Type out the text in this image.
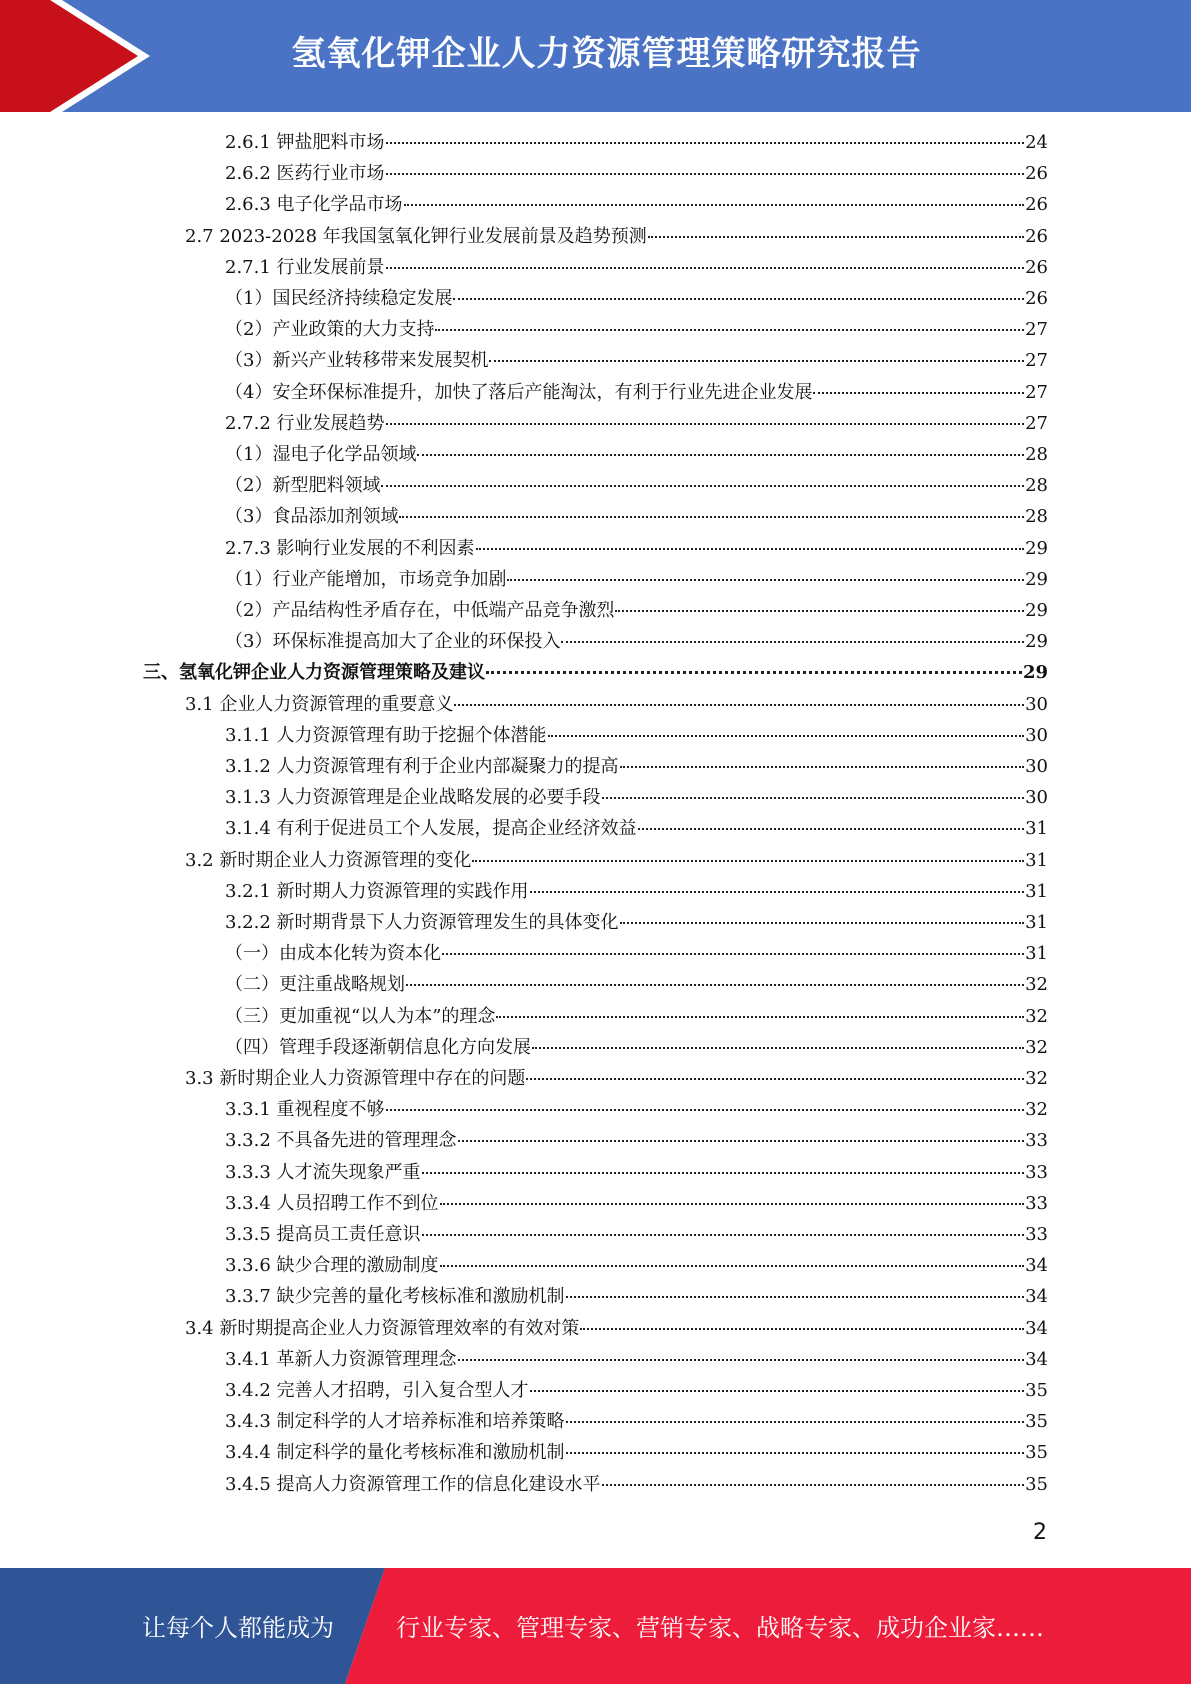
氢氧化钾企业人力资源管理策略研究报告
2.6.1 钾盐肥料市场	24
2.6.2 医药行业市场	26
2.6.3 电子化学品市场	26
2.7 2023-2028 年我国氢氧化钾行业发展前景及趋势预测	26
2.7.1 行业发展前景	26
（1）国民经济持续稳定发展	26
（2）产业政策的大力支持	27
（3）新兴产业转移带来发展契机	27
（4）安全环保标准提升，加快了落后产能淘汰，有利于行业先进企业发展	27
2.7.2 行业发展趋势	27
（1）湿电子化学品领域	28
（2）新型肥料领域	28
（3）食品添加剂领域	28
2.7.3 影响行业发展的不利因素	29
（1）行业产能增加，市场竞争加剧	29
（2）产品结构性矛盾存在，中低端产品竞争激烈	29
（3）环保标准提高加大了企业的环保投入	29
三、氢氧化钾企业人力资源管理策略及建议	29
3.1 企业人力资源管理的重要意义	30
3.1.1 人力资源管理有助于挖掘个体潜能	30
3.1.2 人力资源管理有利于企业内部凝聚力的提高	30
3.1.3 人力资源管理是企业战略发展的必要手段	30
3.1.4 有利于促进员工个人发展，提高企业经济效益	31
3.2 新时期企业人力资源管理的变化	31
3.2.1 新时期人力资源管理的实践作用	31
3.2.2 新时期背景下人力资源管理发生的具体变化	31
（一）由成本化转为资本化	31
（二）更注重战略规划	32
（三）更加重视“以人为本”的理念	32
（四）管理手段逐渐朝信息化方向发展	32
3.3 新时期企业人力资源管理中存在的问题	32
3.3.1 重视程度不够	32
3.3.2 不具备先进的管理理念	33
3.3.3 人才流失现象严重	33
3.3.4 人员招聘工作不到位	33
3.3.5 提高员工责任意识	33
3.3.6 缺少合理的激励制度	34
3.3.7 缺少完善的量化考核标准和激励机制	34
3.4 新时期提高企业人力资源管理效率的有效对策	34
3.4.1 革新人力资源管理理念	34
3.4.2 完善人才招聘，引入复合型人才	35
3.4.3 制定科学的人才培养标准和培养策略	35
3.4.4 制定科学的量化考核标准和激励机制	35
3.4.5 提高人力资源管理工作的信息化建设水平	35
2
让每个人都能成为	行业专家、管理专家、营销专家、战略专家、成功企业家……
